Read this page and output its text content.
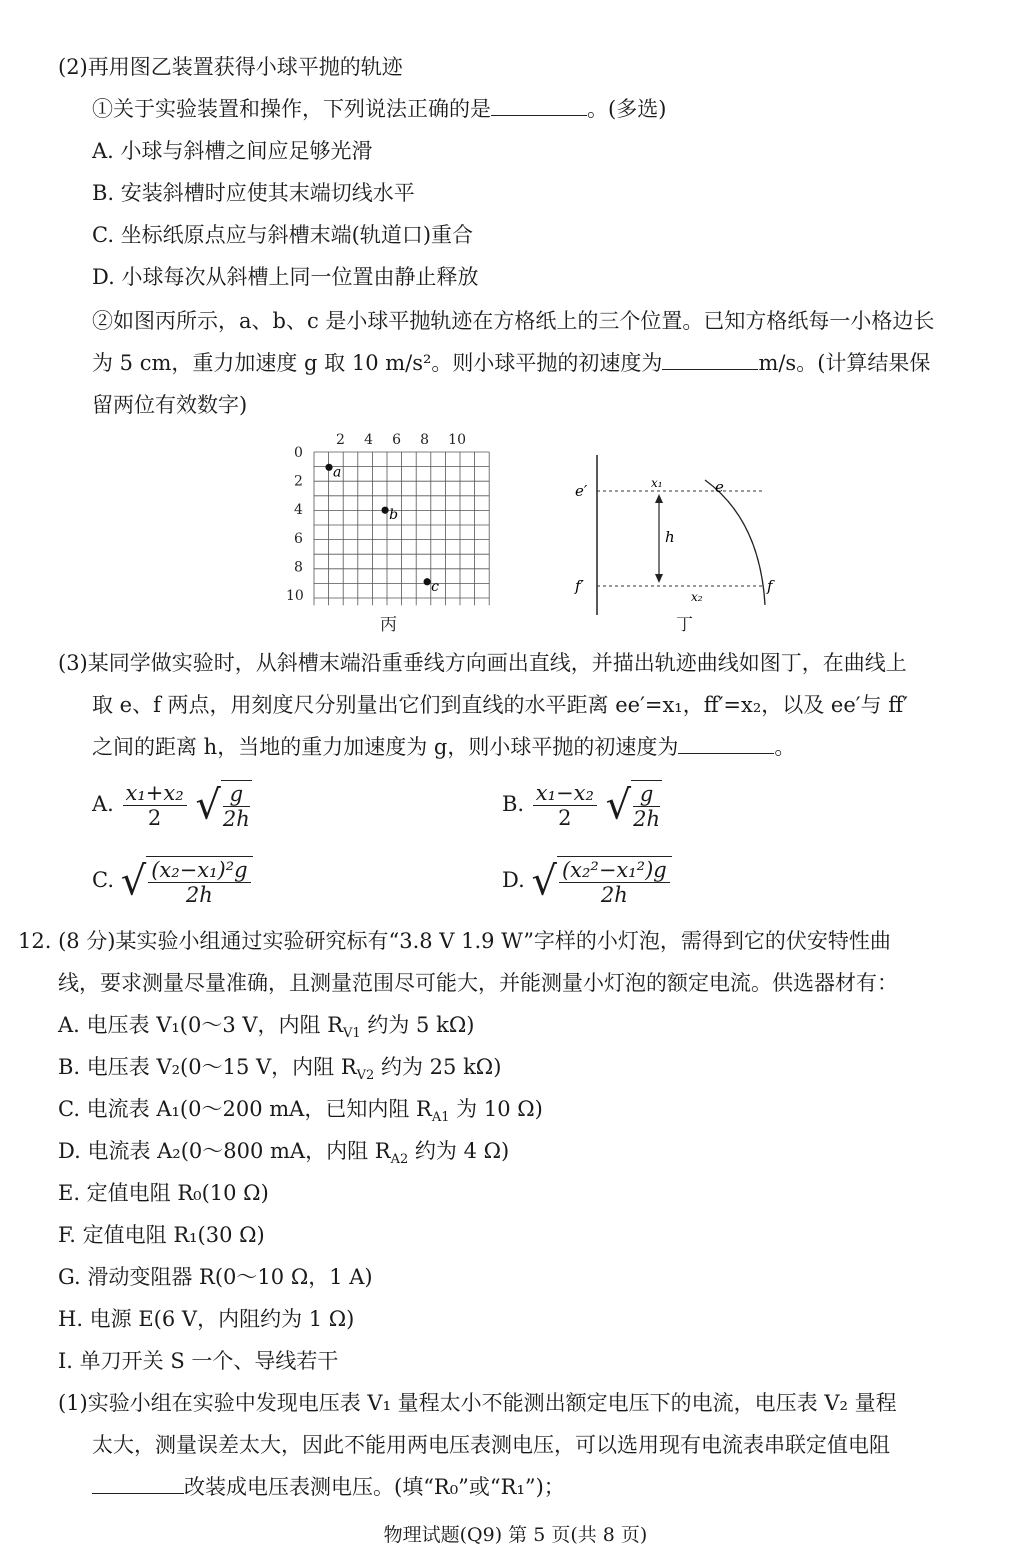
(2)再用图乙装置获得小球平抛的轨迹
①关于实验装置和操作，下列说法正确的是	。(多选)
A. 小球与斜槽之间应足够光滑
B. 安装斜槽时应使其末端切线水平
C. 坐标纸原点应与斜槽末端(轨道口)重合
D. 小球每次从斜槽上同一位置由静止释放
②如图丙所示，a、b、c 是小球平抛轨迹在方格纸上的三个位置。已知方格纸每一小格边长
为 5 cm，重力加速度 g 取 10 m/s²。则小球平抛的初速度为	m/s。(计算结果保
留两位有效数字)
2 4 6 8 10
0
2
4
6
8
10
a
b
c
丙
e′
f′
e
f
h
x₁
x₂
丁
(3)某同学做实验时，从斜槽末端沿重垂线方向画出直线，并描出轨迹曲线如图丁，在曲线上
取 e、f 两点，用刻度尺分别量出它们到直线的水平距离 ee′=x₁，ff′=x₂，以及 ee′与 ff′
之间的距离 h，当地的重力加速度为 g，则小球平抛的初速度为	。
A. $\frac{\text{x₁+x₂}}{2}$ √ $\frac{g}{2h}$	B. $\frac{\text{x₁−x₂}}{2}$ √ $\frac{g}{2h}$
C. √ $\frac{\text{(x₂−x₁)²g}}{2h}$	D. √ $\frac{\text{(x₂²−x₁²)g}}{2h}$
12. (8 分)某实验小组通过实验研究标有“3.8 V 1.9 W”字样的小灯泡，需得到它的伏安特性曲
线，要求测量尽量准确，且测量范围尽可能大，并能测量小灯泡的额定电流。供选器材有：
A. 电压表 V₁(0～3 V，内阻 $R_{V1}$ 约为 5 kΩ)
B. 电压表 V₂(0～15 V，内阻 $R_{V2}$ 约为 25 kΩ)
C. 电流表 A₁(0～200 mA，已知内阻 $R_{A1}$ 为 10 Ω)
D. 电流表 A₂(0～800 mA，内阻 $R_{A2}$ 约为 4 Ω)
E. 定值电阻 R₀(10 Ω)
F. 定值电阻 R₁(30 Ω)
G. 滑动变阻器 R(0～10 Ω，1 A)
H. 电源 E(6 V，内阻约为 1 Ω)
I. 单刀开关 S 一个、导线若干
(1)实验小组在实验中发现电压表 V₁ 量程太小不能测出额定电压下的电流，电压表 V₂ 量程
太大，测量误差太大，因此不能用两电压表测电压，可以选用现有电流表串联定值电阻
改装成电压表测电压。(填“R₀”或“R₁”)；
物理试题(Q9) 第 5 页(共 8 页)
